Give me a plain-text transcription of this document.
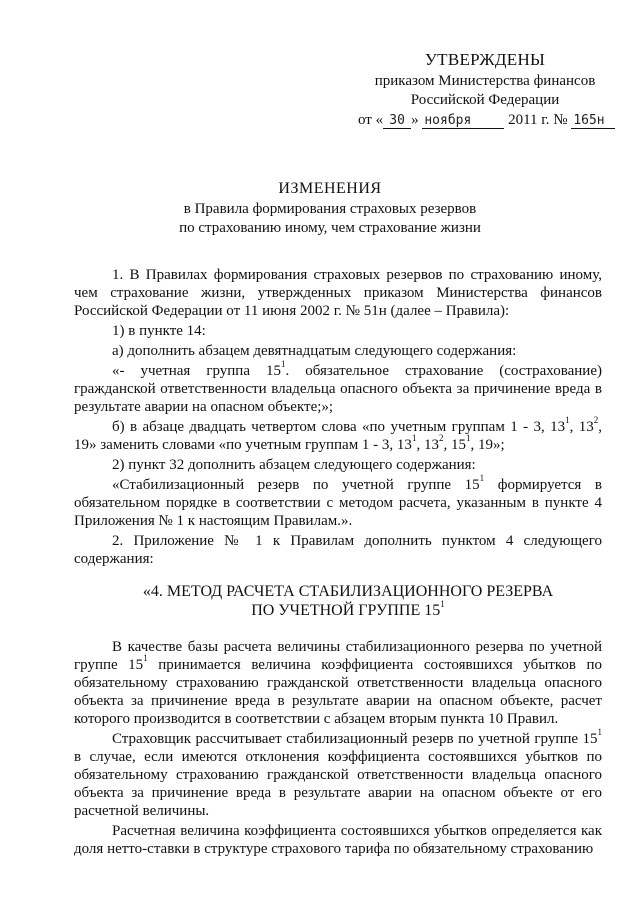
УТВЕРЖДЕНЫ
приказом Министерства финансов
Российской Федерации
от « 30 » ноября 2011 г. № 165н
ИЗМЕНЕНИЯ
в Правила формирования страховых резервов
по страхованию иному, чем страхование жизни

1. В Правилах формирования страховых резервов по страхованию иному, чем страхование жизни, утвержденных приказом Министерства финансов Российской Федерации от 11 июня 2002 г. № 51н (далее – Правила):

1) в пункте 14:

а) дополнить абзацем девятнадцатым следующего содержания:

«- учетная группа $15^1$. обязательное страхование (сострахование) гражданской ответственности владельца опасного объекта за причинение вреда в результате аварии на опасном объекте;»;

б) в абзаце двадцать четвертом слова «по учетным группам 1 - 3, $13^1$, $13^2$, 19» заменить словами «по учетным группам 1 - 3, $13^1$, $13^2$, $15^1$, 19»;

2) пункт 32 дополнить абзацем следующего содержания:

«Стабилизационный резерв по учетной группе $15^1$ формируется в обязательном порядке в соответствии с методом расчета, указанным в пункте 4 Приложения № 1 к настоящим Правилам.».

2. Приложение № 1 к Правилам дополнить пунктом 4 следующего содержания:

«4. МЕТОД РАСЧЕТА СТАБИЛИЗАЦИОННОГО РЕЗЕРВА
ПО УЧЕТНОЙ ГРУППЕ $15^1$

В качестве базы расчета величины стабилизационного резерва по учетной группе $15^1$ принимается величина коэффициента состоявшихся убытков по обязательному страхованию гражданской ответственности владельца опасного объекта за причинение вреда в результате аварии на опасном объекте, расчет которого производится в соответствии с абзацем вторым пункта 10 Правил.

Страховщик рассчитывает стабилизационный резерв по учетной группе $15^1$ в случае, если имеются отклонения коэффициента состоявшихся убытков по обязательному страхованию гражданской ответственности владельца опасного объекта за причинение вреда в результате аварии на опасном объекте от его расчетной величины.

Расчетная величина коэффициента состоявшихся убытков определяется как доля нетто-ставки в структуре страхового тарифа по обязательному страхованию
